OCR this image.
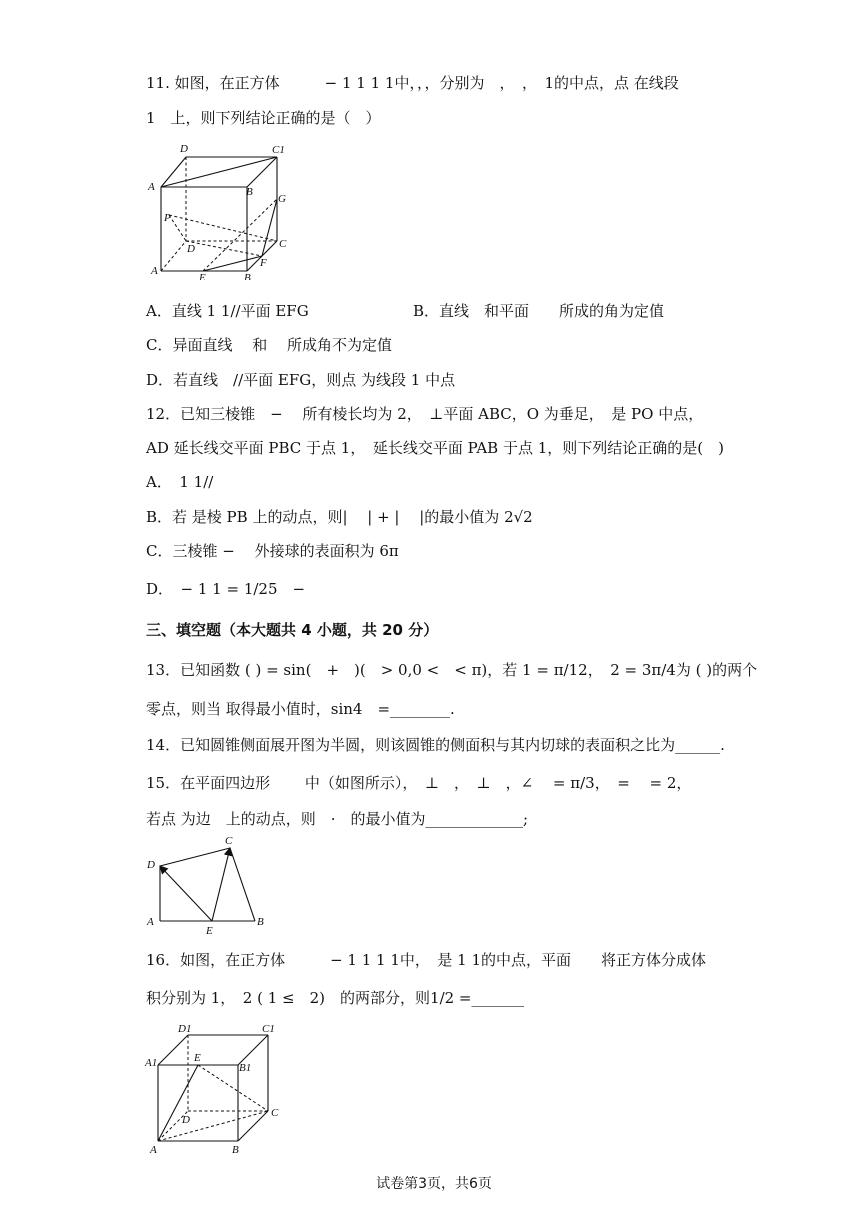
11. 如图，在正方体　　　− 1 1 1 1中，，，分别为　，　，　1的中点，点 在线段
1　上，则下列结论正确的是（　）
D	C1
A	B
G
P
D	C
A
E	B
F
A．直线 1 1//平面 EFG	B．直线　和平面　　所成的角为定值
C．异面直线　 和　 所成角不为定值
D．若直线　//平面 EFG，则点 为线段 1 中点
12．已知三棱锥　−　 所有棱长均为 2，　⊥平面 ABC，O 为垂足，　是 PO 中点，
AD 延长线交平面 PBC 于点 1，　延长线交平面 PAB 于点 1，则下列结论正确的是(　)
A．　1 1//
B．若 是棱 PB 上的动点，则|　 | + |　 |的最小值为 2√2
C．三棱锥 −　 外接球的表面积为 6π
D．　− 1 1 = 1/25　−
三、填空题（本大题共 4 小题，共 20 分）
13．已知函数 ( ) = sin(　+　)(　> 0,0 <　< π)，若 1 = π/12，　2 = 3π/4为 ( )的两个
零点，则当 取得最小值时，sin4　=________.
14．已知圆锥侧面展开图为半圆，则该圆锥的侧面积与其内切球的表面积之比为______.
15．在平面四边形　　 中（如图所示），　⊥　，　⊥　，∠　 = π/3，　=　 = 2，
若点 为边　上的动点，则　·　的最小值为_____________;
C
D
A
E
B
16．如图，在正方体　　　− 1 1 1 1中，　是 1 1的中点，平面　　将正方体分成体
积分别为 1，　2 ( 1 ≤　2)　的两部分，则1/2 =_______
D1	C1
A1	E
B1
D
C
A	B
试卷第3页，共6页
